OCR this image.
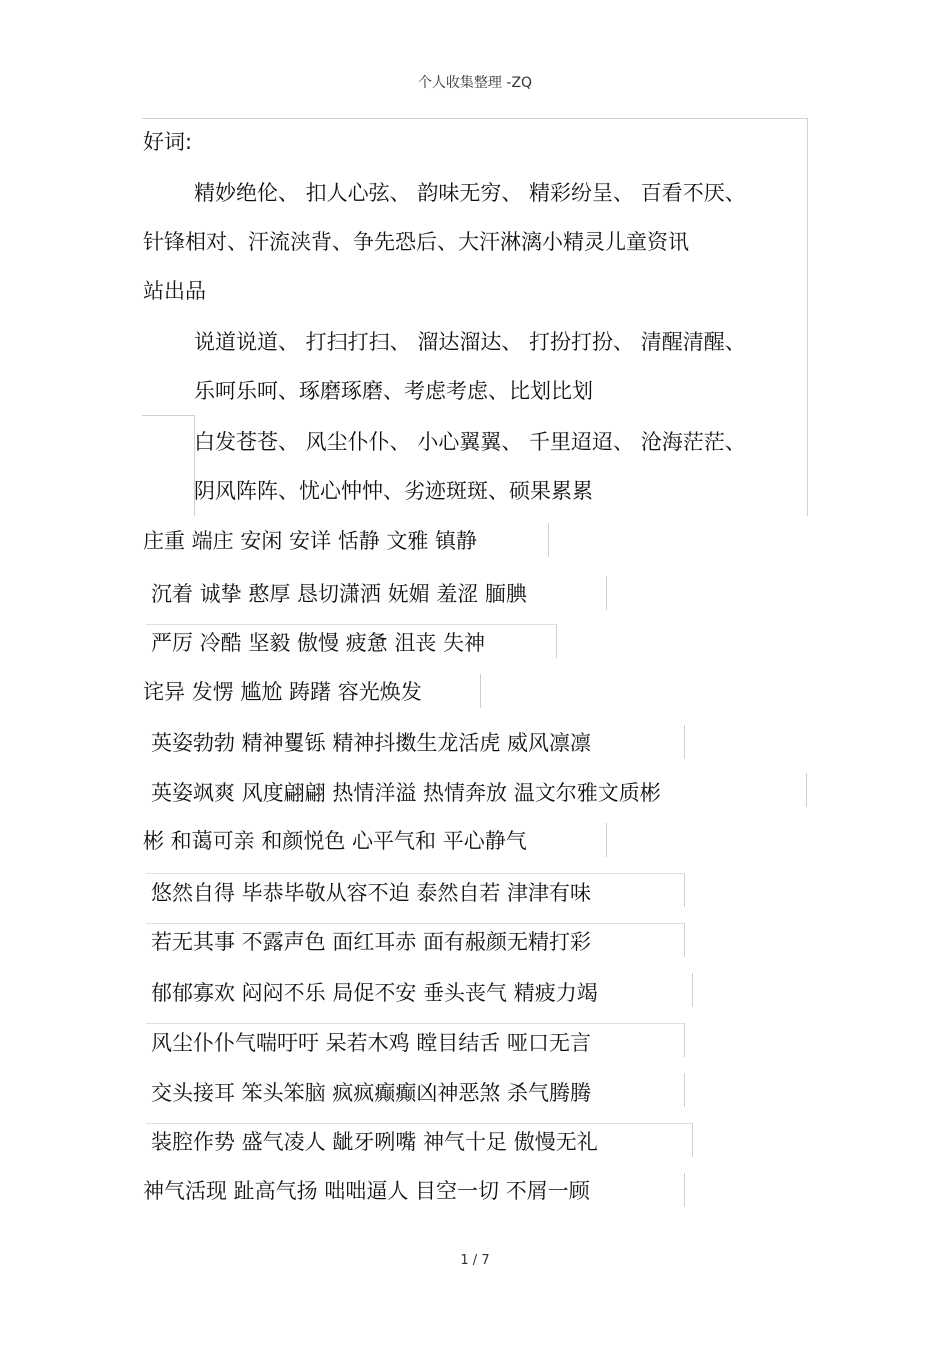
个人收集整理 -ZQ
好词:
精妙绝伦、 扣人心弦、 韵味无穷、 精彩纷呈、 百看不厌、
针锋相对、汗流浃背、争先恐后、大汗淋漓小精灵儿童资讯
站出品
说道说道、 打扫打扫、 溜达溜达、 打扮打扮、 清醒清醒、
乐呵乐呵、琢磨琢磨、考虑考虑、比划比划
白发苍苍、 风尘仆仆、 小心翼翼、 千里迢迢、 沧海茫茫、
阴风阵阵、忧心忡忡、劣迹斑斑、硕果累累
庄重 端庄 安闲 安详 恬静 文雅 镇静
沉着 诚挚 憨厚 恳切潇洒 妩媚 羞涩 腼腆
严厉 冷酷 坚毅 傲慢 疲惫 沮丧 失神
诧异 发愣 尴尬 踌躇 容光焕发
英姿勃勃 精神矍铄 精神抖擞生龙活虎 威风凛凛
英姿飒爽 风度翩翩 热情洋溢 热情奔放 温文尔雅文质彬
彬 和蔼可亲 和颜悦色 心平气和 平心静气
悠然自得 毕恭毕敬从容不迫 泰然自若 津津有味
若无其事 不露声色 面红耳赤 面有赧颜无精打彩
郁郁寡欢 闷闷不乐 局促不安 垂头丧气 精疲力竭
风尘仆仆气喘吁吁 呆若木鸡 瞠目结舌 哑口无言
交头接耳 笨头笨脑 疯疯癫癫凶神恶煞 杀气腾腾
装腔作势 盛气凌人 龇牙咧嘴 神气十足 傲慢无礼
神气活现 趾高气扬 咄咄逼人 目空一切 不屑一顾
1 / 7
